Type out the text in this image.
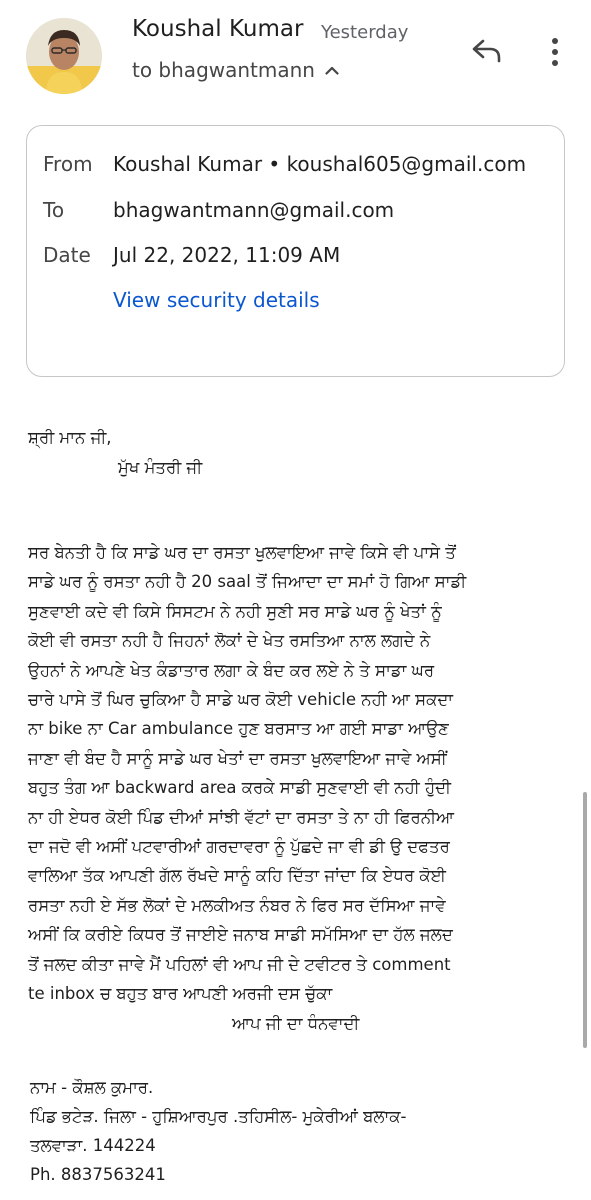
Koushal Kumar Yesterday
to bhagwantmann
From Koushal Kumar • koushal605@gmail.com
To bhagwantmann@gmail.com
Date Jul 22, 2022, 11:09 AM
View security details
ਸ਼੍ਰੀ ਮਾਨ ਜੀ,
ਮੁੱਖ ਮੰਤਰੀ ਜੀ
ਸਰ ਬੇਨਤੀ ਹੈ ਕਿ ਸਾਡੇ ਘਰ ਦਾ ਰਸਤਾ ਖੁਲਵਾਇਆ ਜਾਵੇ ਕਿਸੇ ਵੀ ਪਾਸੇ ਤੋਂ
ਸਾਡੇ ਘਰ ਨੂੰ ਰਸਤਾ ਨਹੀ ਹੈ 20 saal ਤੋਂ ਜਿਆਦਾ ਦਾ ਸਮਾਂ ਹੋ ਗਿਆ ਸਾਡੀ
ਸੁਣਵਾਈ ਕਦੇ ਵੀ ਕਿਸੇ ਸਿਸਟਮ ਨੇ ਨਹੀ ਸੁਣੀ ਸਰ ਸਾਡੇ ਘਰ ਨੂੰ ਖੇਤਾਂ ਨੂੰ
ਕੋਈ ਵੀ ਰਸਤਾ ਨਹੀ ਹੈ ਜਿਹਨਾਂ ਲੋਕਾਂ ਦੇ ਖੇਤ ਰਸਤਿਆ ਨਾਲ ਲਗਦੇ ਨੇ
ਉਹਨਾਂ ਨੇ ਆਪਣੇ ਖੇਤ ਕੰਡਾਤਾਰ ਲਗਾ ਕੇ ਬੰਦ ਕਰ ਲਏ ਨੇ ਤੇ ਸਾਡਾ ਘਰ
ਚਾਰੇ ਪਾਸੇ ਤੋਂ ਘਿਰ ਚੁਕਿਆ ਹੈ ਸਾਡੇ ਘਰ ਕੋਈ vehicle ਨਹੀ ਆ ਸਕਦਾ
ਨਾ bike ਨਾ Car ambulance ਹੁਣ ਬਰਸਾਤ ਆ ਗਈ ਸਾਡਾ ਆਉਣ
ਜਾਣਾ ਵੀ ਬੰਦ ਹੈ ਸਾਨੂੰ ਸਾਡੇ ਘਰ ਖੇਤਾਂ ਦਾ ਰਸਤਾ ਖੁਲਵਾਇਆ ਜਾਵੇ ਅਸੀਂ
ਬਹੁਤ ਤੰਗ ਆ backward area ਕਰਕੇ ਸਾਡੀ ਸੁਣਵਾਈ ਵੀ ਨਹੀ ਹੁੰਦੀ
ਨਾ ਹੀ ਏਧਰ ਕੋਈ ਪਿੰਡ ਦੀਆਂ ਸਾਂਝੀ ਵੱਟਾਂ ਦਾ ਰਸਤਾ ਤੇ ਨਾ ਹੀ ਫਿਰਨੀਆ
ਦਾ ਜਦੋ ਵੀ ਅਸੀਂ ਪਟਵਾਰੀਆਂ ਗਰਦਾਵਰਾ ਨੂੰ ਪੁੱਛਦੇ ਜਾ ਵੀ ਡੀ ਉ ਦਫਤਰ
ਵਾਲਿਆ ਤੱਕ ਆਪਣੀ ਗੱਲ ਰੱਖਦੇ ਸਾਨੂੰ ਕਹਿ ਦਿੱਤਾ ਜਾਂਦਾ ਕਿ ਏਧਰ ਕੋਈ
ਰਸਤਾ ਨਹੀ ਏ ਸੱਭ ਲੋਕਾਂ ਦੇ ਮਲਕੀਅਤ ਨੰਬਰ ਨੇ ਫਿਰ ਸਰ ਦੱਸਿਆ ਜਾਵੇ
ਅਸੀਂ ਕਿ ਕਰੀਏ ਕਿਧਰ ਤੋਂ ਜਾਈਏ ਜਨਾਬ ਸਾਡੀ ਸਮੱਸਿਆ ਦਾ ਹੱਲ ਜਲਦ
ਤੋਂ ਜਲਦ ਕੀਤਾ ਜਾਵੇ ਮੈਂ ਪਹਿਲਾਂ ਵੀ ਆਪ ਜੀ ਦੇ ਟਵੀਟਰ ਤੇ comment
te inbox ਚ ਬਹੁਤ ਬਾਰ ਆਪਣੀ ਅਰਜੀ ਦਸ ਚੁੱਕਾ
ਆਪ ਜੀ ਦਾ ਧੰਨਵਾਦੀ
ਨਾਮ - ਕੌਸ਼ਲ ਕੁਮਾਰ.
ਪਿੰਡ ਭਟੇੜ. ਜਿਲਾ - ਹੁਸ਼ਿਆਰਪੁਰ .ਤਹਿਸੀਲ- ਮੁਕੇਰੀਆਂ ਬਲਾਕ-
ਤਲਵਾੜਾ. 144224
Ph. 8837563241
